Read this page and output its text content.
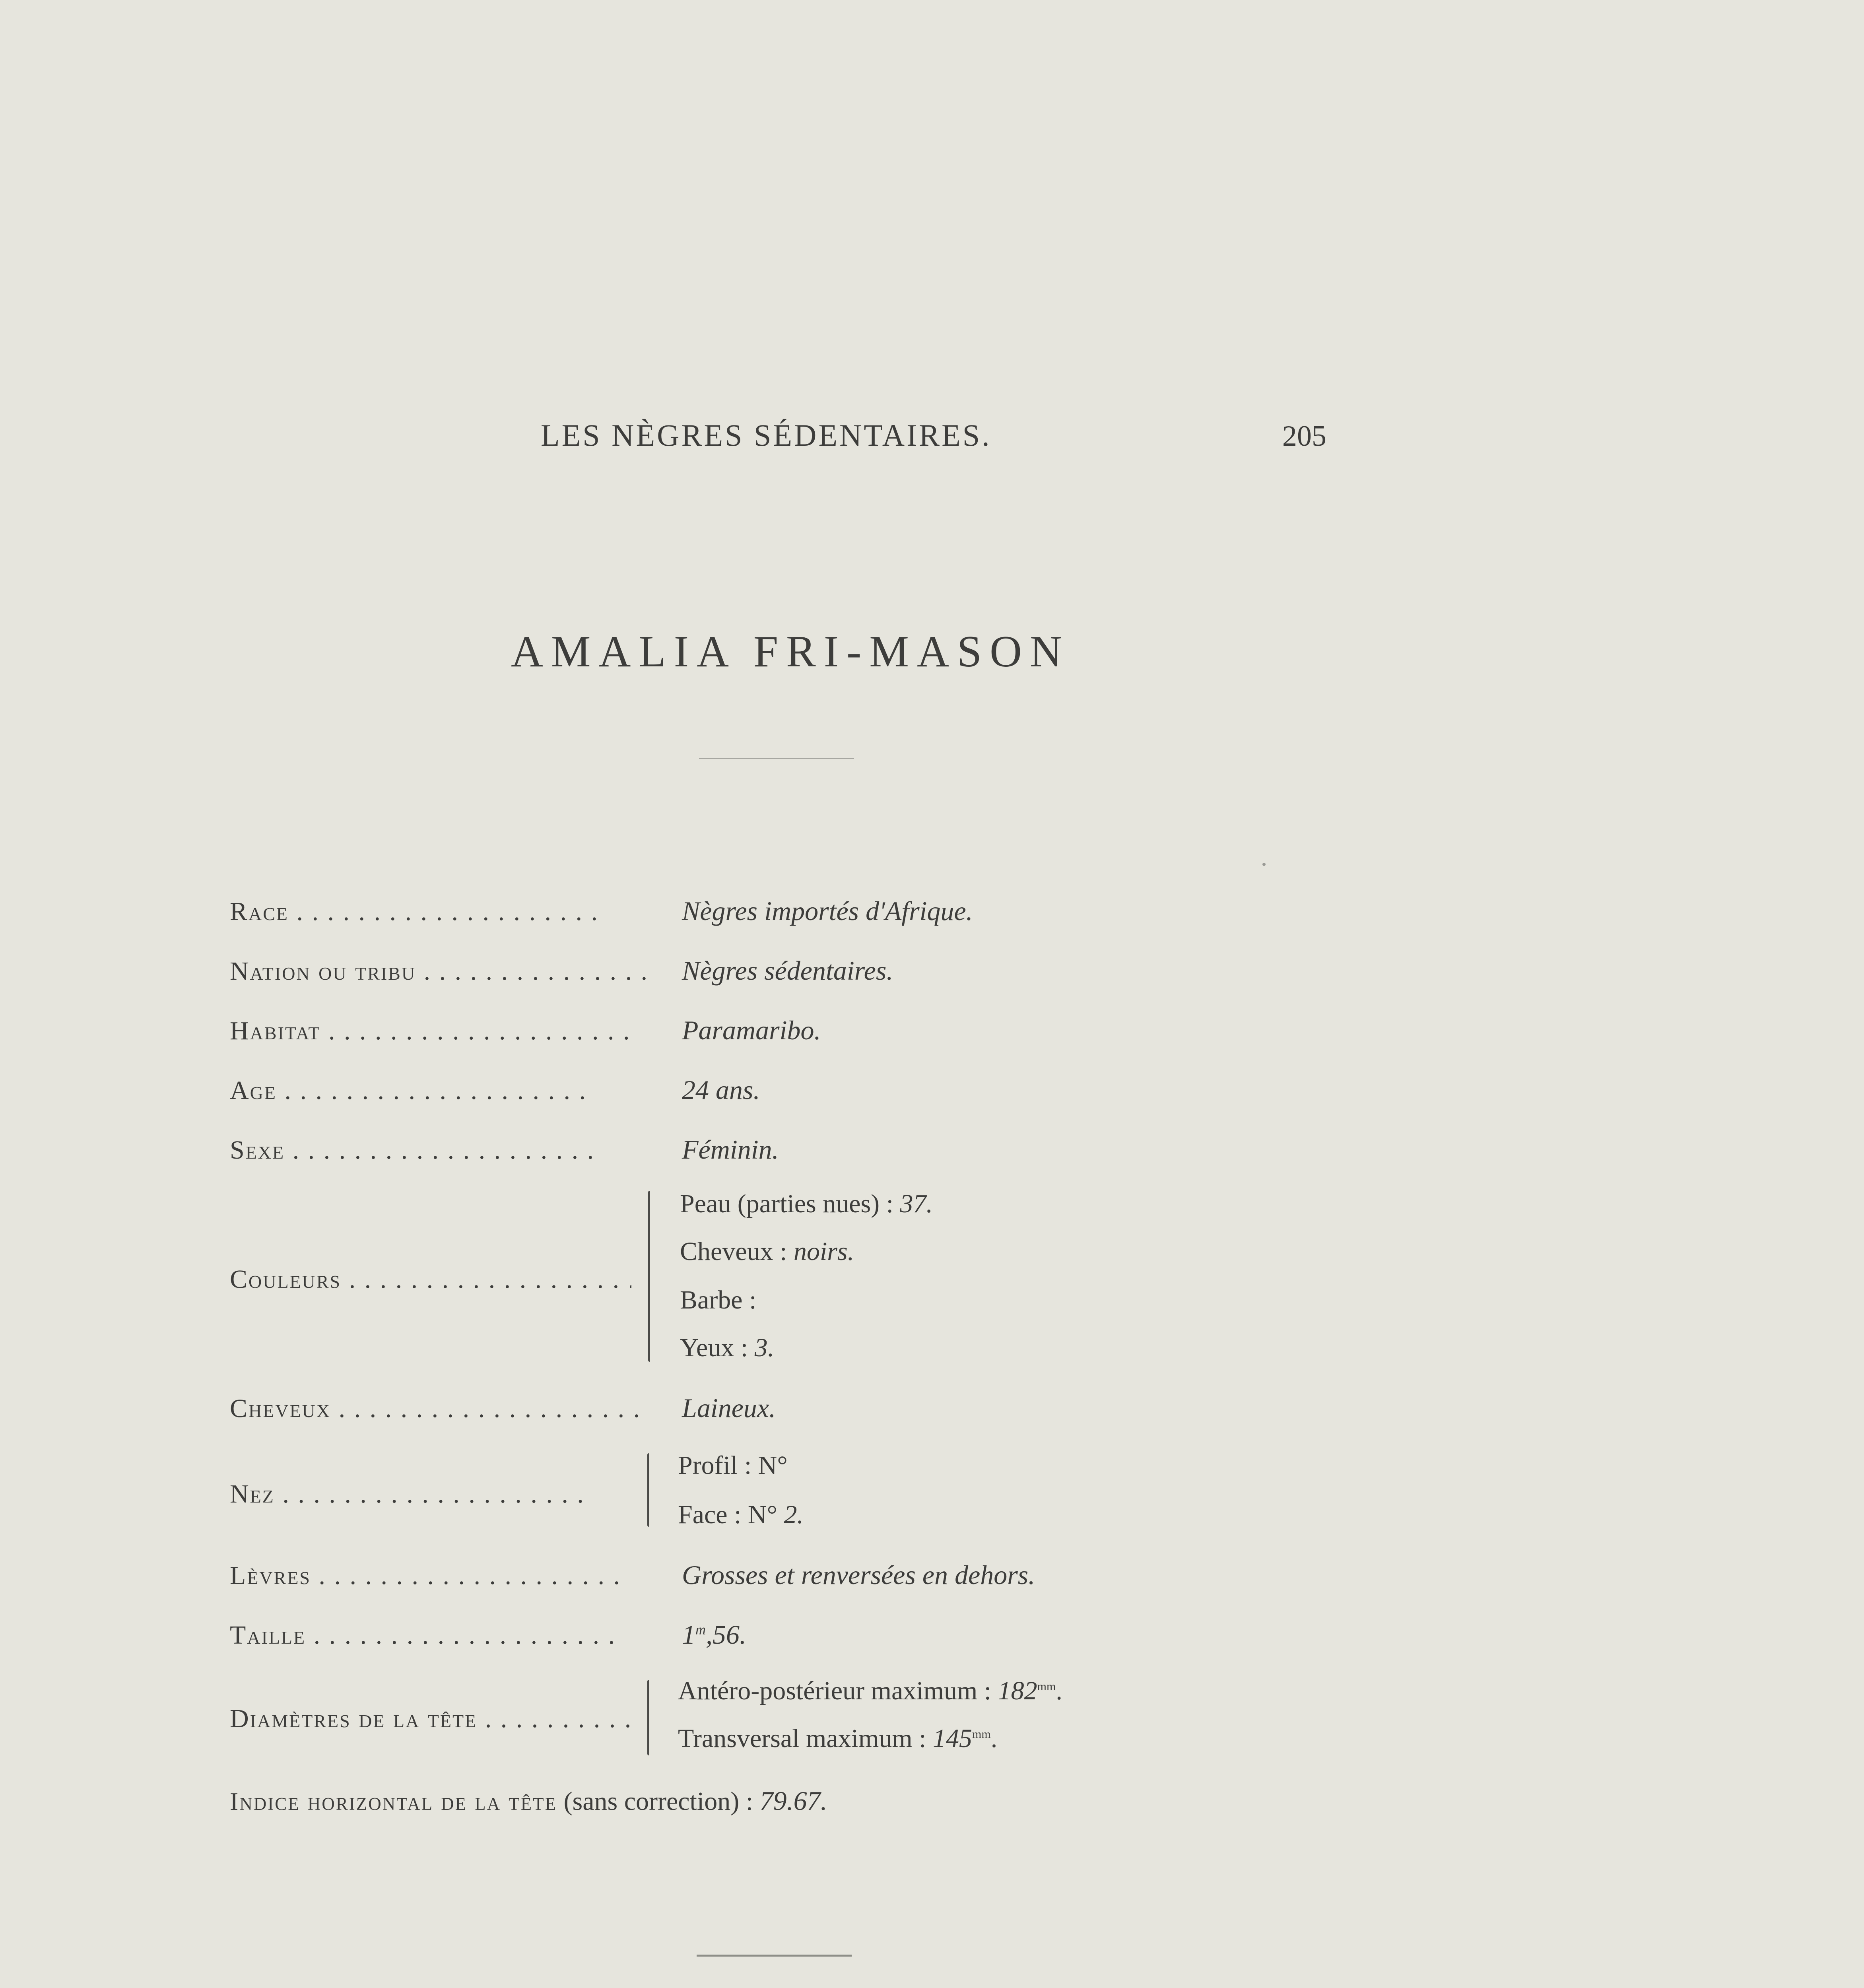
LES NÈGRES SÉDENTAIRES.	205
AMALIA FRI-MASON
Race . . .	Nègres importés d'Afrique.
Nation ou tribu . . .	Nègres sédentaires.
Habitat . . .	Paramaribo.
Age . . .	24 ans.
Sexe . . .	Féminin.
Couleurs . . .
Peau (parties nues) : 37.
Cheveux : noirs.
Barbe :
Yeux : 3.
Cheveux . . .	Laineux.
Nez . . .
Profil : N°
Face : N° 2.
Lèvres . . .	Grosses et renversées en dehors.
Taille . . .	1$^m$,56.
Diamètres de la tête . . .
Antéro-postérieur maximum : $182^{mm}$.
Transversal maximum : $145^{mm}$.
Indice horizontal de la tête (sans correction) : 79.67.
